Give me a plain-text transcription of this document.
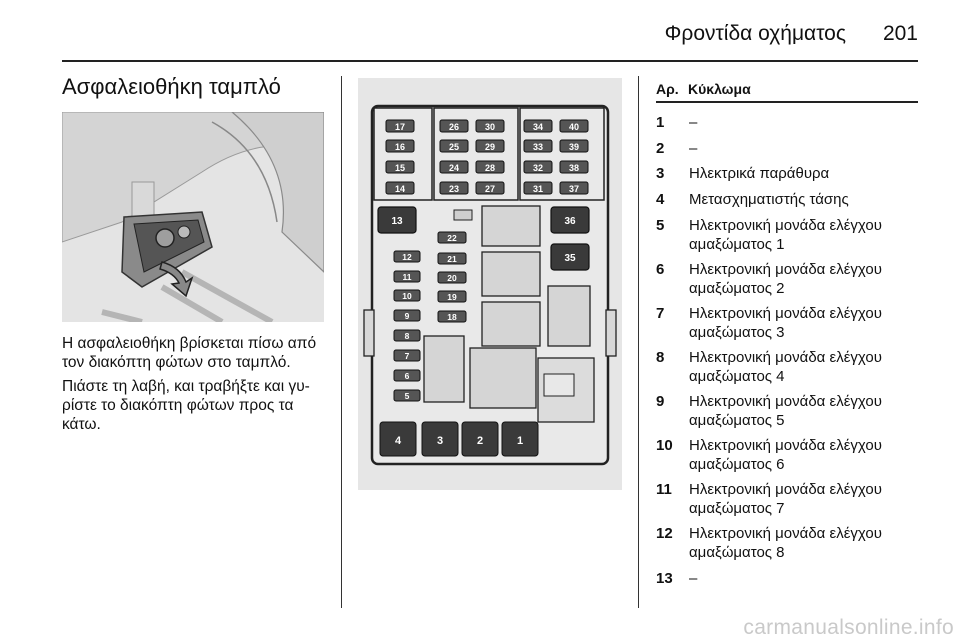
Φροντίδα οχήματος 201
Ασφαλειοθήκη ταμπλό

Η ασφαλειοθήκη βρίσκεται πίσω από τον διακόπτη φώτων στο ταμπλό.

Πιάστε τη λαβή, και τραβήξτε και γυ-ρίστε το διακόπτη φώτων προς τα κάτω.

13	36
35
17
16
15
14
26
25
24
23
30
29
28
27
34
33
32
31
40
39
38
37
12
11
10
9
8
7
6
5
22
21
20
19
18
4	3	2	1
Αρ. Κύκλωμα
1 –
2 –
3 Ηλεκτρικά παράθυρα
4 Μετασχηματιστής τάσης
5 Ηλεκτρονική μονάδα ελέγχου αμαξώματος 1
6 Ηλεκτρονική μονάδα ελέγχου αμαξώματος 2
7 Ηλεκτρονική μονάδα ελέγχου αμαξώματος 3
8 Ηλεκτρονική μονάδα ελέγχου αμαξώματος 4
9 Ηλεκτρονική μονάδα ελέγχου αμαξώματος 5
10 Ηλεκτρονική μονάδα ελέγχου αμαξώματος 6
11 Ηλεκτρονική μονάδα ελέγχου αμαξώματος 7
12 Ηλεκτρονική μονάδα ελέγχου αμαξώματος 8
13 –
carmanualsonline.info
